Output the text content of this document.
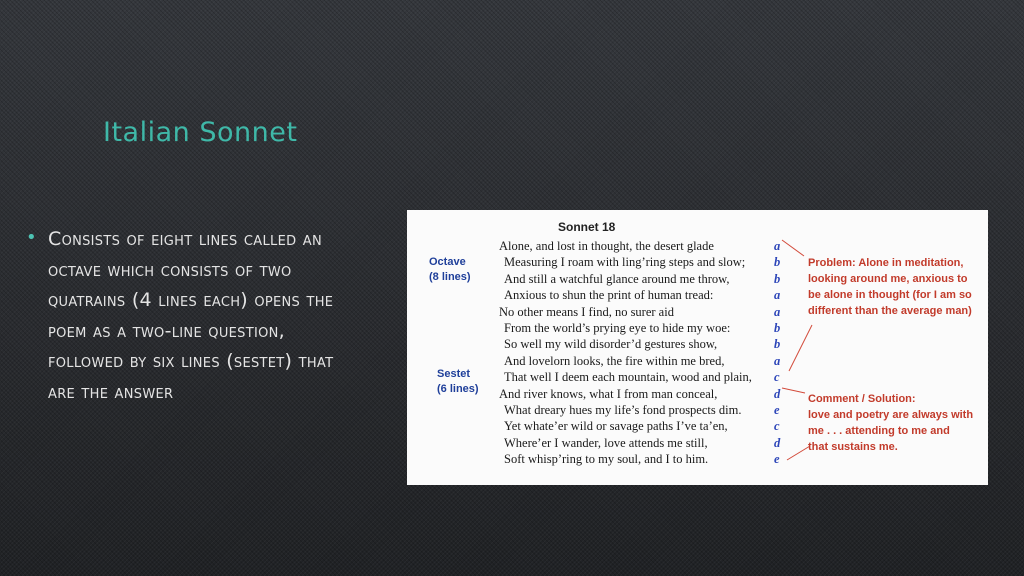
Italian Sonnet
• Consists of eight lines called an octave which consists of two quatrains (4 lines each) opens the poem as a two-line question, followed by six lines (sestet) that are the answer
Sonnet 18
Octave
(8 lines)
Sestet
(6 lines)
Alone, and lost in thought, the desert glade	a
Measuring I roam with ling’ring steps and slow; b
And still a watchful glance around me throw,	b
Anxious to shun the print of human tread:	a
No other means I find, no surer aid	a
From the world’s prying eye to hide my woe:	b
So well my wild disorder’d gestures show,	b
And lovelorn looks, the fire within me bred,	a
That well I deem each mountain, wood and plain, c
And river knows, what I from man conceal,	d
What dreary hues my life’s fond prospects dim.	e
Yet whate’er wild or savage paths I’ve ta’en,	c
Where’er I wander, love attends me still,	d
Soft whisp’ring to my soul, and I to him.	e
Problem: Alone in meditation,
looking around me, anxious to
be alone in thought (for I am so
different than the average man)
Comment / Solution:
love and poetry are always with
me . . . attending to me and
that sustains me.
